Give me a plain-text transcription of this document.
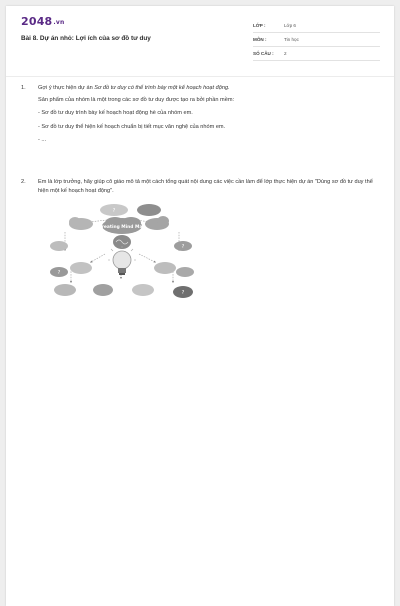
2048.vn
Bài 8. Dự án nhỏ: Lợi ích của sơ đồ tư duy
LỚP :	Lớp 6
MÔN :	Tin học
SỐ CÂU : 2
1. Gợi ý thực hiện dự án Sơ đồ tư duy có thể trình bày một kế hoạch hoạt động.
Sản phẩm của nhóm là một trong các sơ đồ tư duy được tạo ra bởi phần mềm:
- Sơ đồ tư duy trình bày kế hoạch hoạt động hè của nhóm em.
- Sơ đồ tư duy thể hiện kế hoạch chuẩn bị tiết mục văn nghệ của nhóm em.
- ...
2. Em là lớp trưởng, hãy giúp cô giáo mô tả một cách tổng quát nội dung các việc cần làm để lớp thực hiện dự án "Dùng sơ đồ tư duy thể hiện một kế hoạch hoạt động".
?
?
?
?
Creating Mind Map
